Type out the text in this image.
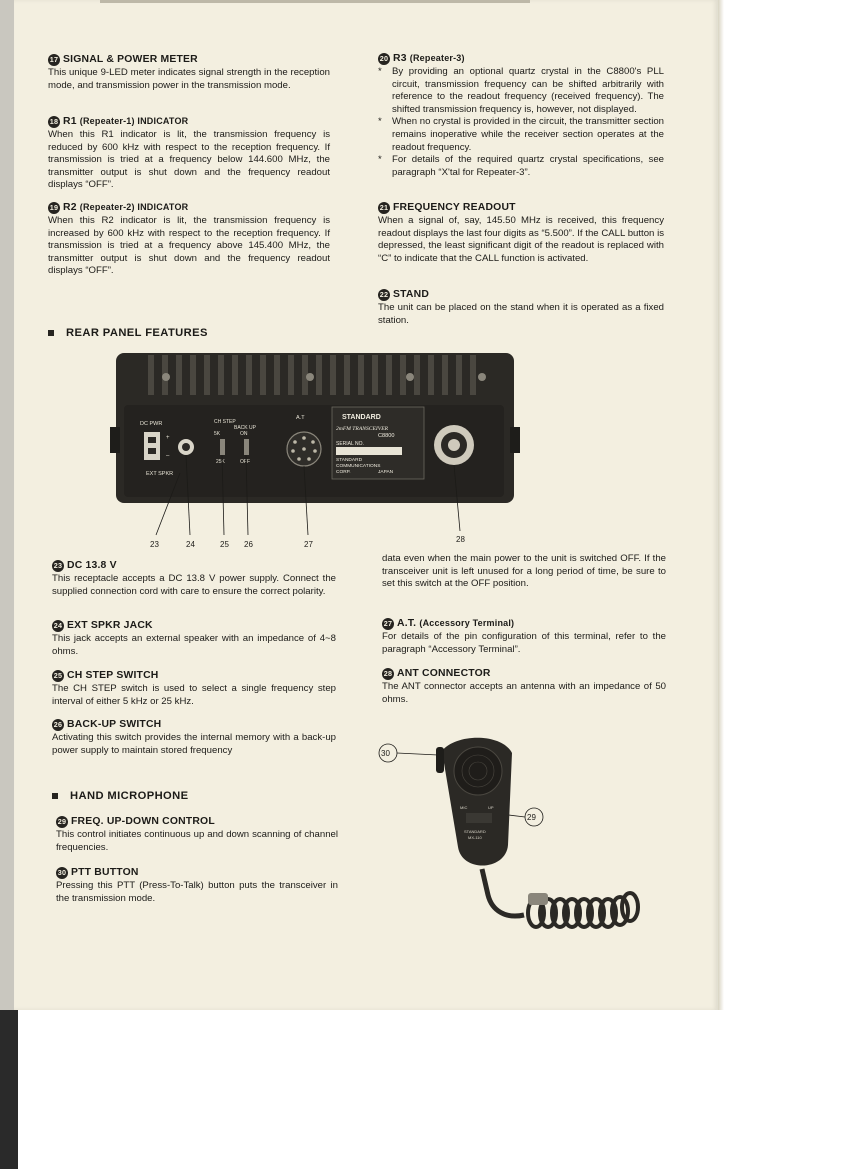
17 SIGNAL & POWER METER

This unique 9-LED meter indicates signal strength in the reception mode, and transmission power in the transmission mode.

18 R1
(Repeater-1) INDICATOR

When this R1 indicator is lit, the transmission frequency is reduced by 600 kHz with respect to the reception frequency. If transmission is tried at a frequency below 144.600 MHz, the transmitter output is shut down and the frequency readout displays “OFF”.

19 R2
(Repeater-2) INDICATOR

When this R2 indicator is lit, the transmission frequency is increased by 600 kHz with respect to the reception frequency. If transmission is tried at a frequency above 145.400 MHz, the transmitter output is shut down and the frequency readout displays “OFF”.

20 R3
(Repeater-3)
* By providing an optional quartz crystal in the C8800's PLL circuit, transmission frequency can be shifted arbitrarily with reference to the readout frequency (received frequency). The shifted transmission frequency is, however, not displayed.
* When no crystal is provided in the circuit, the transmitter section remains inoperative while the receiver section operates at the readout frequency.
* For details of the required quartz crystal specifications, see paragraph “X'tal for Repeater-3”.
21 FREQUENCY READOUT

When a signal of, say, 145.50 MHz is received, this frequency readout displays the last four digits as “5.500”. If the CALL button is depressed, the least significant digit of the readout is replaced with “C” to indicate that the CALL function is activated.

22 STAND

The unit can be placed on the stand when it is operated as a fixed station.

REAR PANEL FEATURES
DC PWR
+
–
EXT SPKR
CH STEP
5K
25K
BACK UP
ON
OFF
A.T	STANDARD
2mFM TRANSCEIVER
C8800
SERIAL NO.
STANDARD
COMMUNICATIONS
CORP.	JAPAN
23	24	25 26	27
28
23 DC 13.8 V

This receptacle accepts a DC 13.8 V power supply. Connect the supplied connection cord with care to ensure the correct polarity.

24 EXT SPKR JACK

This jack accepts an external speaker with an impedance of 4~8 ohms.

25 CH STEP SWITCH

The CH STEP switch is used to select a single frequency step interval of either 5 kHz or 25 kHz.

26 BACK-UP SWITCH

Activating this switch provides the internal memory with a back-up power supply to maintain stored frequency

data even when the main power to the unit is switched OFF. If the transceiver unit is left unused for a long period of time, be sure to set this switch at the OFF position.

27 A.T.
(Accessory Terminal)

For details of the pin configuration of this terminal, refer to the paragraph “Accessory Terminal”.

28 ANT CONNECTOR

The ANT connector accepts an antenna with an impedance of 50 ohms.

HAND MICROPHONE
29 FREQ. UP-DOWN CONTROL

This control initiates continuous up and down scanning of channel frequencies.

30 PTT BUTTON

Pressing this PTT (Press-To-Talk) button puts the transceiver in the transmission mode.

30
29
MIC	UP
STANDARD
MX-110
